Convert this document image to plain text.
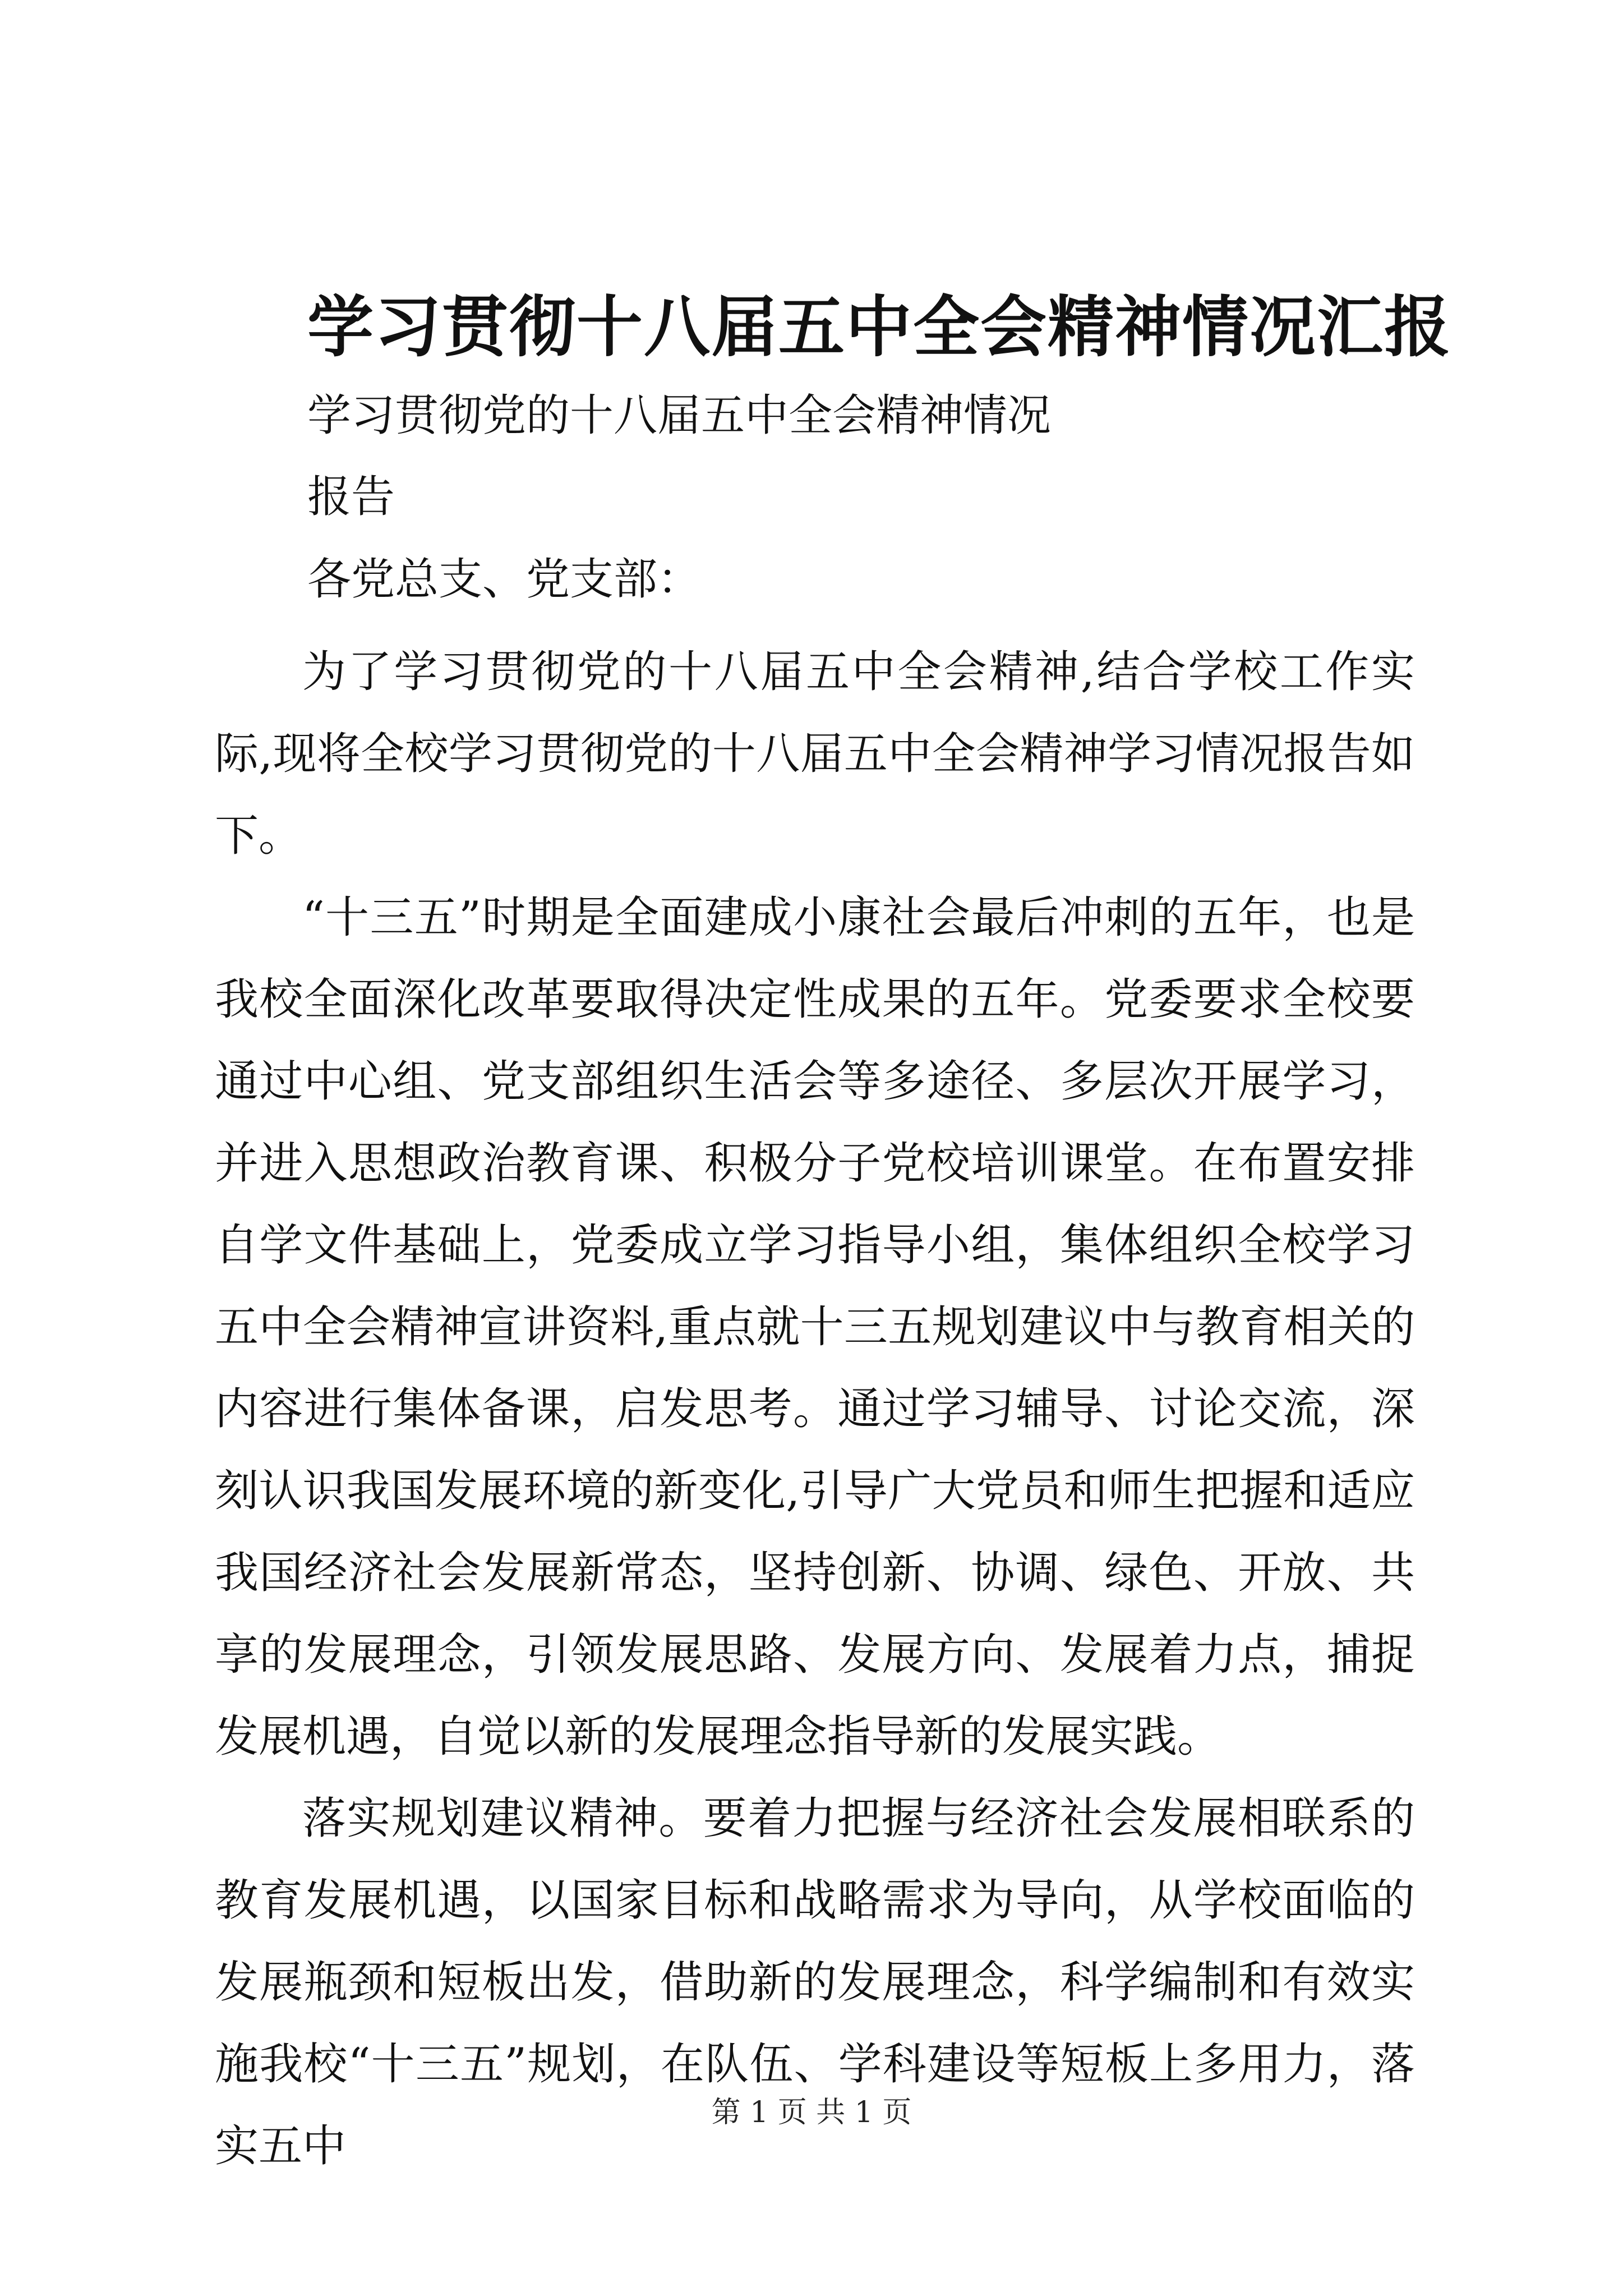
学习贯彻十八届五中全会精神情况汇报
学习贯彻党的十八届五中全会精神情况
报告
各党总支、党支部：

为了学习贯彻党的十八届五中全会精神,结合学校工作实际,现将全校学习贯彻党的十八届五中全会精神学习情况报告如下。

“十三五”时期是全面建成小康社会最后冲刺的五年，也是我校全面深化改革要取得决定性成果的五年。党委要求全校要通过中心组、党支部组织生活会等多途径、多层次开展学习，并进入思想政治教育课、积极分子党校培训课堂。在布置安排自学文件基础上，党委成立学习指导小组，集体组织全校学习五中全会精神宣讲资料,重点就十三五规划建议中与教育相关的内容进行集体备课，启发思考。通过学习辅导、讨论交流，深刻认识我国发展环境的新变化,引导广大党员和师生把握和适应我国经济社会发展新常态，坚持创新、协调、绿色、开放、共享的发展理念，引领发展思路、发展方向、发展着力点，捕捉发展机遇，自觉以新的发展理念指导新的发展实践。

落实规划建议精神。要着力把握与经济社会发展相联系的教育发展机遇，以国家目标和战略需求为导向，从学校面临的发展瓶颈和短板出发，借助新的发展理念，科学编制和有效实施我校“十三五”规划，在队伍、学科建设等短板上多用力，落实五中

第 1 页 共 1 页
